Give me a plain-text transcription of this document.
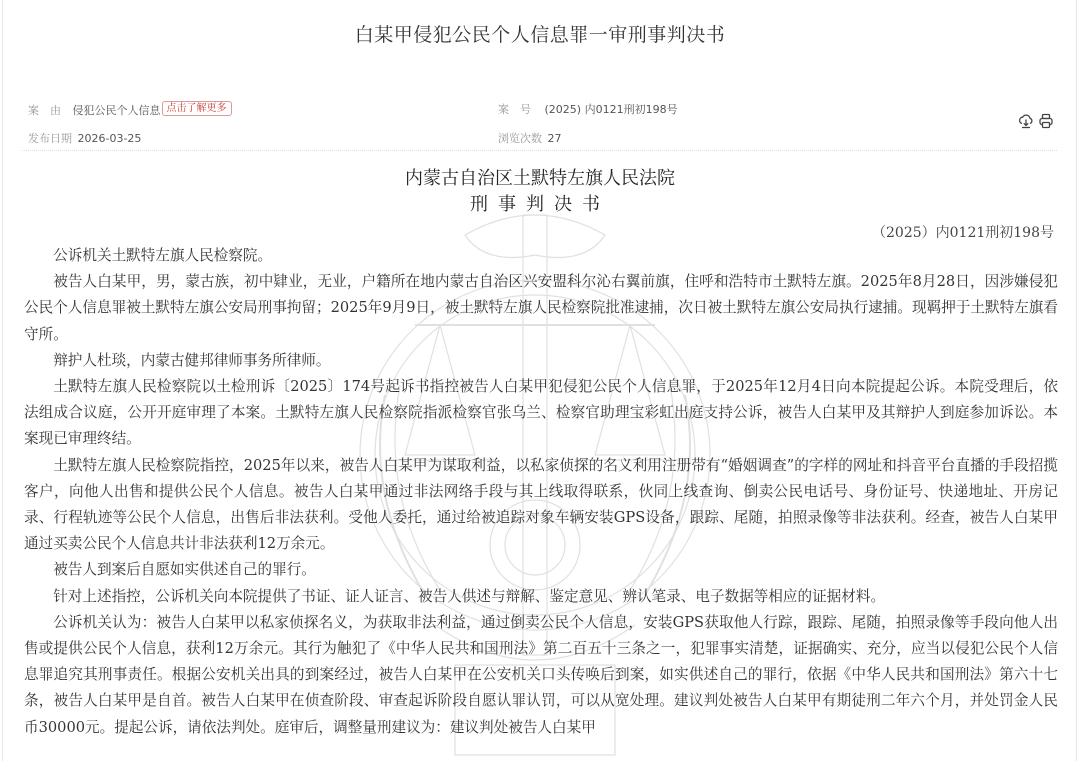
白某甲侵犯公民个人信息罪一审刑事判决书
案　由 侵犯公民个人信息 点击了解更多
发布日期 2026-03-25
案　号 (2025) 内0121刑初198号
浏览次数 27
内蒙古自治区土默特左旗人民法院
刑事判决书
（2025）内0121刑初198号

公诉机关土默特左旗人民检察院。

被告人白某甲，男，蒙古族，初中肄业，无业，户籍所在地内蒙古自治区兴安盟科尔沁右翼前旗，住呼和浩特市土默特左旗。2025年8月28日，因涉嫌侵犯公民个人信息罪被土默特左旗公安局刑事拘留；2025年9月9日，被土默特左旗人民检察院批准逮捕，次日被土默特左旗公安局执行逮捕。现羁押于土默特左旗看守所。

辩护人杜琰，内蒙古健邦律师事务所律师。

土默特左旗人民检察院以土检刑诉〔2025〕174号起诉书指控被告人白某甲犯侵犯公民个人信息罪，于2025年12月4日向本院提起公诉。本院受理后，依法组成合议庭，公开开庭审理了本案。土默特左旗人民检察院指派检察官张乌兰、检察官助理宝彩虹出庭支持公诉，被告人白某甲及其辩护人到庭参加诉讼。本案现已审理终结。

土默特左旗人民检察院指控，2025年以来，被告人白某甲为谋取利益，以私家侦探的名义利用注册带有“婚姻调查”的字样的网址和抖音平台直播的手段招揽客户，向他人出售和提供公民个人信息。被告人白某甲通过非法网络手段与其上线取得联系，伙同上线查询、倒卖公民电话号、身份证号、快递地址、开房记录、行程轨迹等公民个人信息，出售后非法获利。受他人委托，通过给被追踪对象车辆安装GPS设备，跟踪、尾随，拍照录像等非法获利。经查，被告人白某甲通过买卖公民个人信息共计非法获利12万余元。

被告人到案后自愿如实供述自己的罪行。

针对上述指控，公诉机关向本院提供了书证、证人证言、被告人供述与辩解、鉴定意见、辨认笔录、电子数据等相应的证据材料。

公诉机关认为：被告人白某甲以私家侦探名义，为获取非法利益，通过倒卖公民个人信息，安装GPS获取他人行踪，跟踪、尾随，拍照录像等手段向他人出售或提供公民个人信息，获利12万余元。其行为触犯了《中华人民共和国刑法》第二百五十三条之一，犯罪事实清楚，证据确实、充分，应当以侵犯公民个人信息罪追究其刑事责任。根据公安机关出具的到案经过，被告人白某甲在公安机关口头传唤后到案，如实供述自己的罪行，依据《中华人民共和国刑法》第六十七条，被告人白某甲是自首。被告人白某甲在侦查阶段、审查起诉阶段自愿认罪认罚，可以从宽处理。建议判处被告人白某甲有期徒刑二年六个月，并处罚金人民币30000元。提起公诉，请依法判处。庭审后，调整量刑建议为：建议判处被告人白某甲
